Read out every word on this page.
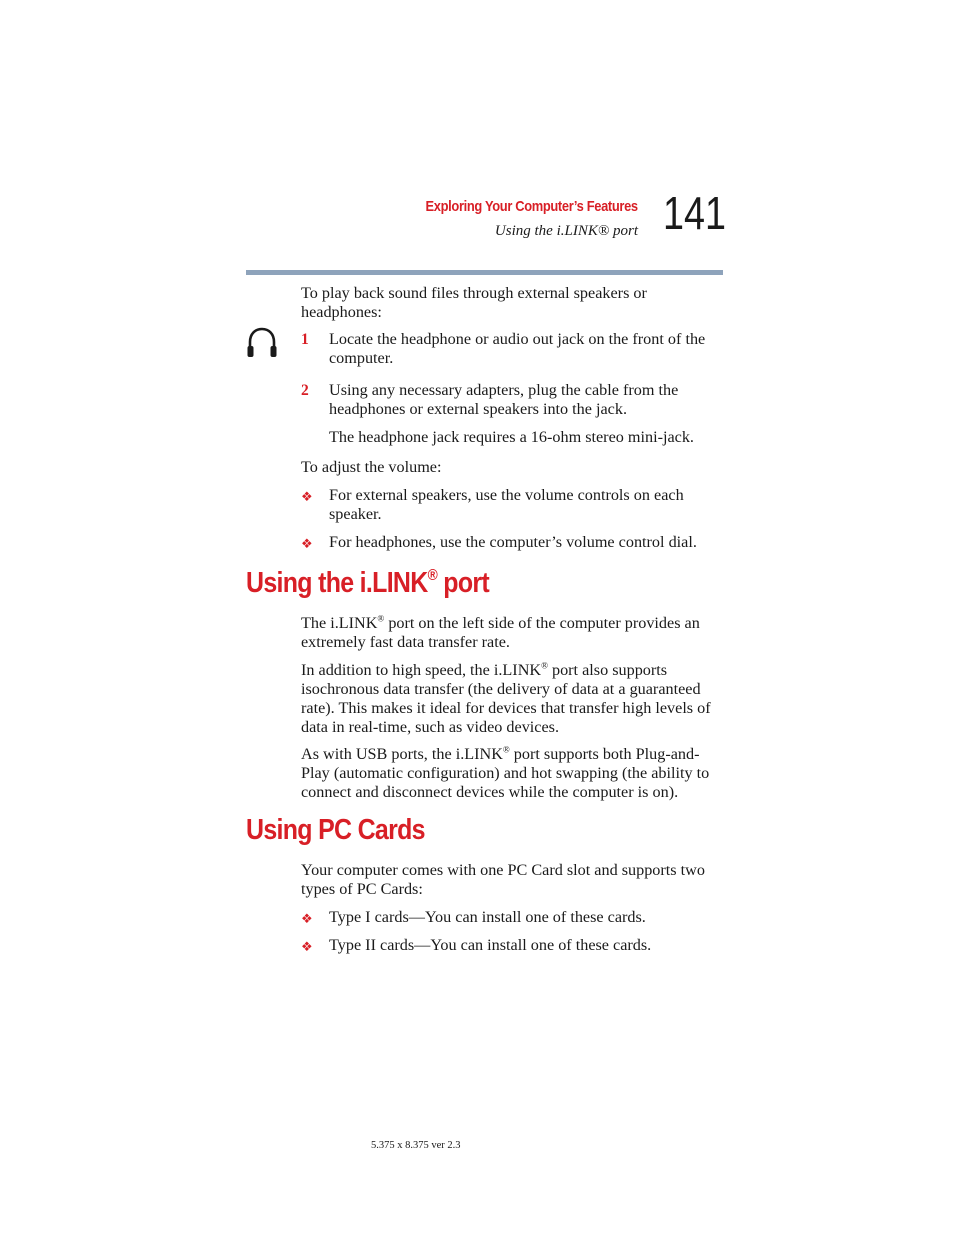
Exploring Your Computer’s Features
Using the i.LINK® port 141
To play back sound files through external speakers or headphones:
1 Locate the headphone or audio out jack on the front of the computer.
2 Using any necessary adapters, plug the cable from the headphones or external speakers into the jack.
The headphone jack requires a 16-ohm stereo mini-jack.
To adjust the volume:
❖ For external speakers, use the volume controls on each speaker.
❖ For headphones, use the computer’s volume control dial.
Using the i.LINK® port
The i.LINK® port on the left side of the computer provides an extremely fast data transfer rate.
In addition to high speed, the i.LINK® port also supports isochronous data transfer (the delivery of data at a guaranteed rate). This makes it ideal for devices that transfer high levels of data in real-time, such as video devices.
As with USB ports, the i.LINK® port supports both Plug-and-Play (automatic configuration) and hot swapping (the ability to connect and disconnect devices while the computer is on).
Using PC Cards
Your computer comes with one PC Card slot and supports two types of PC Cards:
❖ Type I cards—You can install one of these cards.
❖ Type II cards—You can install one of these cards.
5.375 x 8.375 ver 2.3
